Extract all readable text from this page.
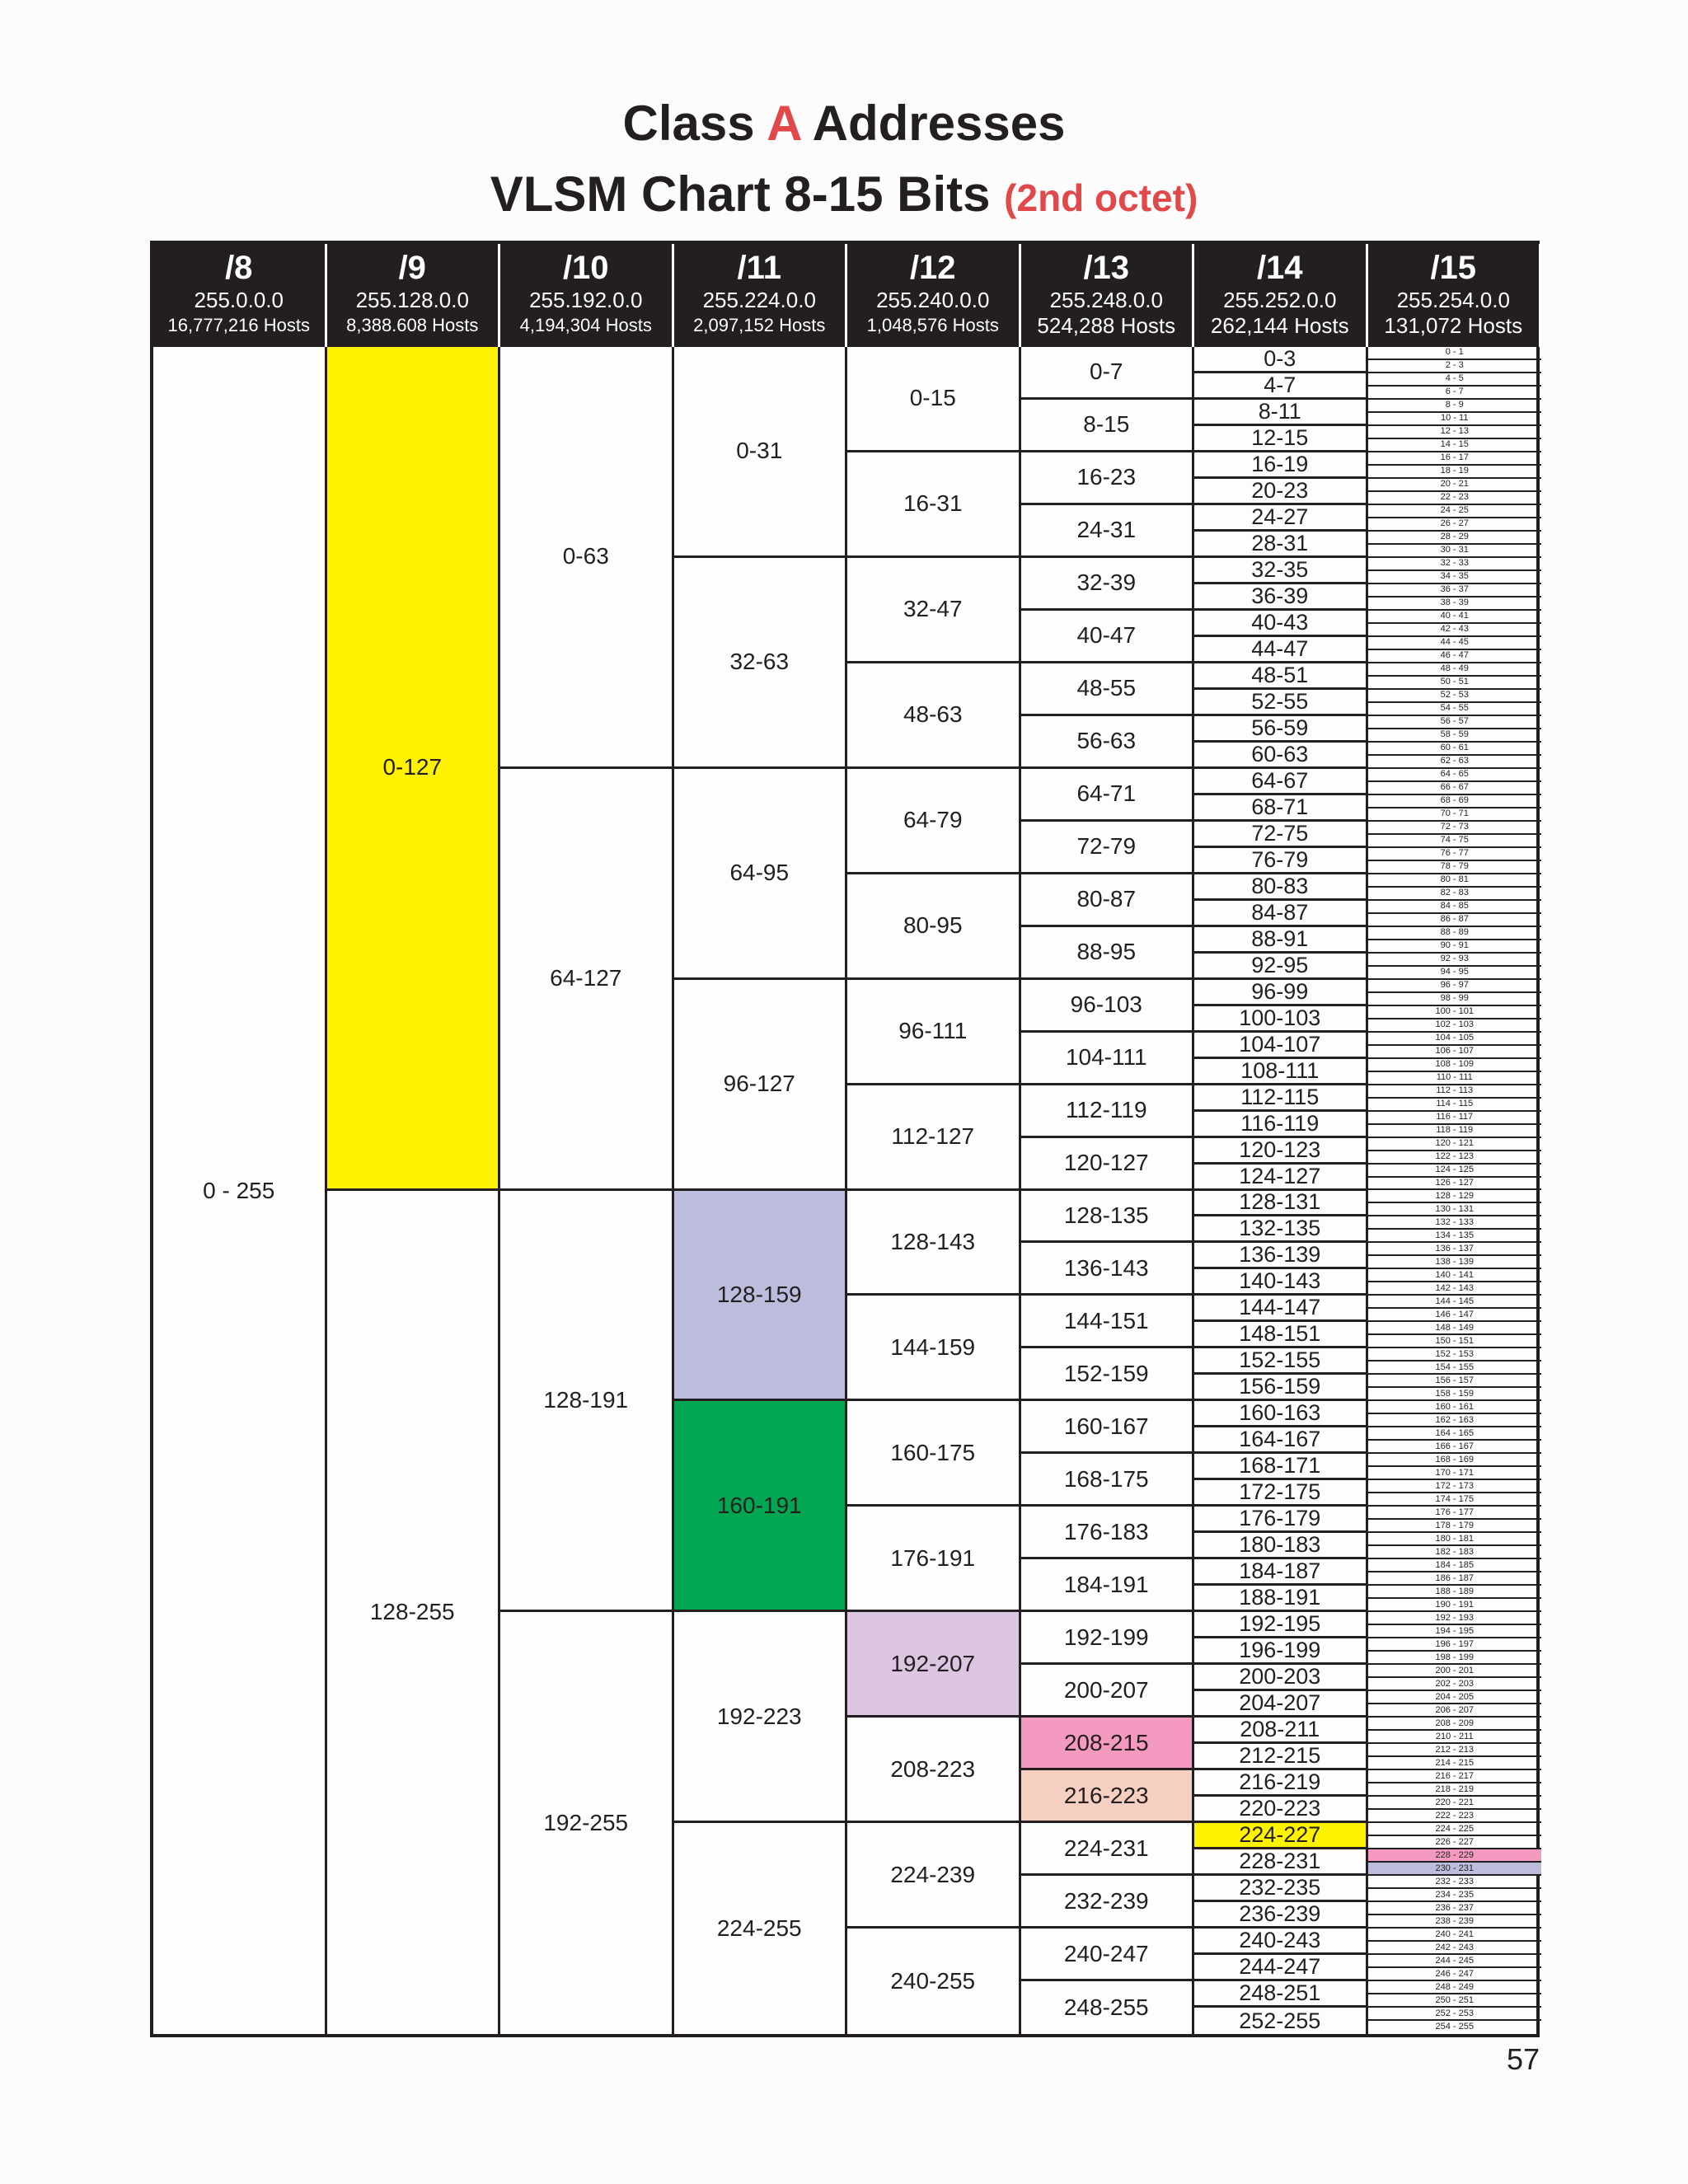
Class A Addresses
VLSM Chart 8-15 Bits (2nd octet)
/8
255.0.0.0
16,777,216 Hosts
/9
255.128.0.0
8,388.608 Hosts
/10
255.192.0.0
4,194,304 Hosts
/11
255.224.0.0
2,097,152 Hosts
/12
255.240.0.0
1,048,576 Hosts
/13
255.248.0.0
524,288 Hosts
/14
255.252.0.0
262,144 Hosts
/15
255.254.0.0
131,072 Hosts
0 - 255
0-127
128-255
0-63
64-127
128-191
192-255
0-31
32-63
64-95
96-127
128-159
160-191
192-223
224-255
0-15
16-31
32-47
48-63
64-79
80-95
96-111
112-127
128-143
144-159
160-175
176-191
192-207
208-223
224-239
240-255
0-7
8-15
16-23
24-31
32-39
40-47
48-55
56-63
64-71
72-79
80-87
88-95
96-103
104-111
112-119
120-127
128-135
136-143
144-151
152-159
160-167
168-175
176-183
184-191
192-199
200-207
208-215
216-223
224-231
232-239
240-247
248-255
0-3
4-7
8-11
12-15
16-19
20-23
24-27
28-31
32-35
36-39
40-43
44-47
48-51
52-55
56-59
60-63
64-67
68-71
72-75
76-79
80-83
84-87
88-91
92-95
96-99
100-103
104-107
108-111
112-115
116-119
120-123
124-127
128-131
132-135
136-139
140-143
144-147
148-151
152-155
156-159
160-163
164-167
168-171
172-175
176-179
180-183
184-187
188-191
192-195
196-199
200-203
204-207
208-211
212-215
216-219
220-223
224-227
228-231
232-235
236-239
240-243
244-247
248-251
252-255
0 - 1
2 - 3
4 - 5
6 - 7
8 - 9
10 - 11
12 - 13
14 - 15
16 - 17
18 - 19
20 - 21
22 - 23
24 - 25
26 - 27
28 - 29
30 - 31
32 - 33
34 - 35
36 - 37
38 - 39
40 - 41
42 - 43
44 - 45
46 - 47
48 - 49
50 - 51
52 - 53
54 - 55
56 - 57
58 - 59
60 - 61
62 - 63
64 - 65
66 - 67
68 - 69
70 - 71
72 - 73
74 - 75
76 - 77
78 - 79
80 - 81
82 - 83
84 - 85
86 - 87
88 - 89
90 - 91
92 - 93
94 - 95
96 - 97
98 - 99
100 - 101
102 - 103
104 - 105
106 - 107
108 - 109
110 - 111
112 - 113
114 - 115
116 - 117
118 - 119
120 - 121
122 - 123
124 - 125
126 - 127
128 - 129
130 - 131
132 - 133
134 - 135
136 - 137
138 - 139
140 - 141
142 - 143
144 - 145
146 - 147
148 - 149
150 - 151
152 - 153
154 - 155
156 - 157
158 - 159
160 - 161
162 - 163
164 - 165
166 - 167
168 - 169
170 - 171
172 - 173
174 - 175
176 - 177
178 - 179
180 - 181
182 - 183
184 - 185
186 - 187
188 - 189
190 - 191
192 - 193
194 - 195
196 - 197
198 - 199
200 - 201
202 - 203
204 - 205
206 - 207
208 - 209
210 - 211
212 - 213
214 - 215
216 - 217
218 - 219
220 - 221
222 - 223
224 - 225
226 - 227
228 - 229
230 - 231
232 - 233
234 - 235
236 - 237
238 - 239
240 - 241
242 - 243
244 - 245
246 - 247
248 - 249
250 - 251
252 - 253
254 - 255

57
